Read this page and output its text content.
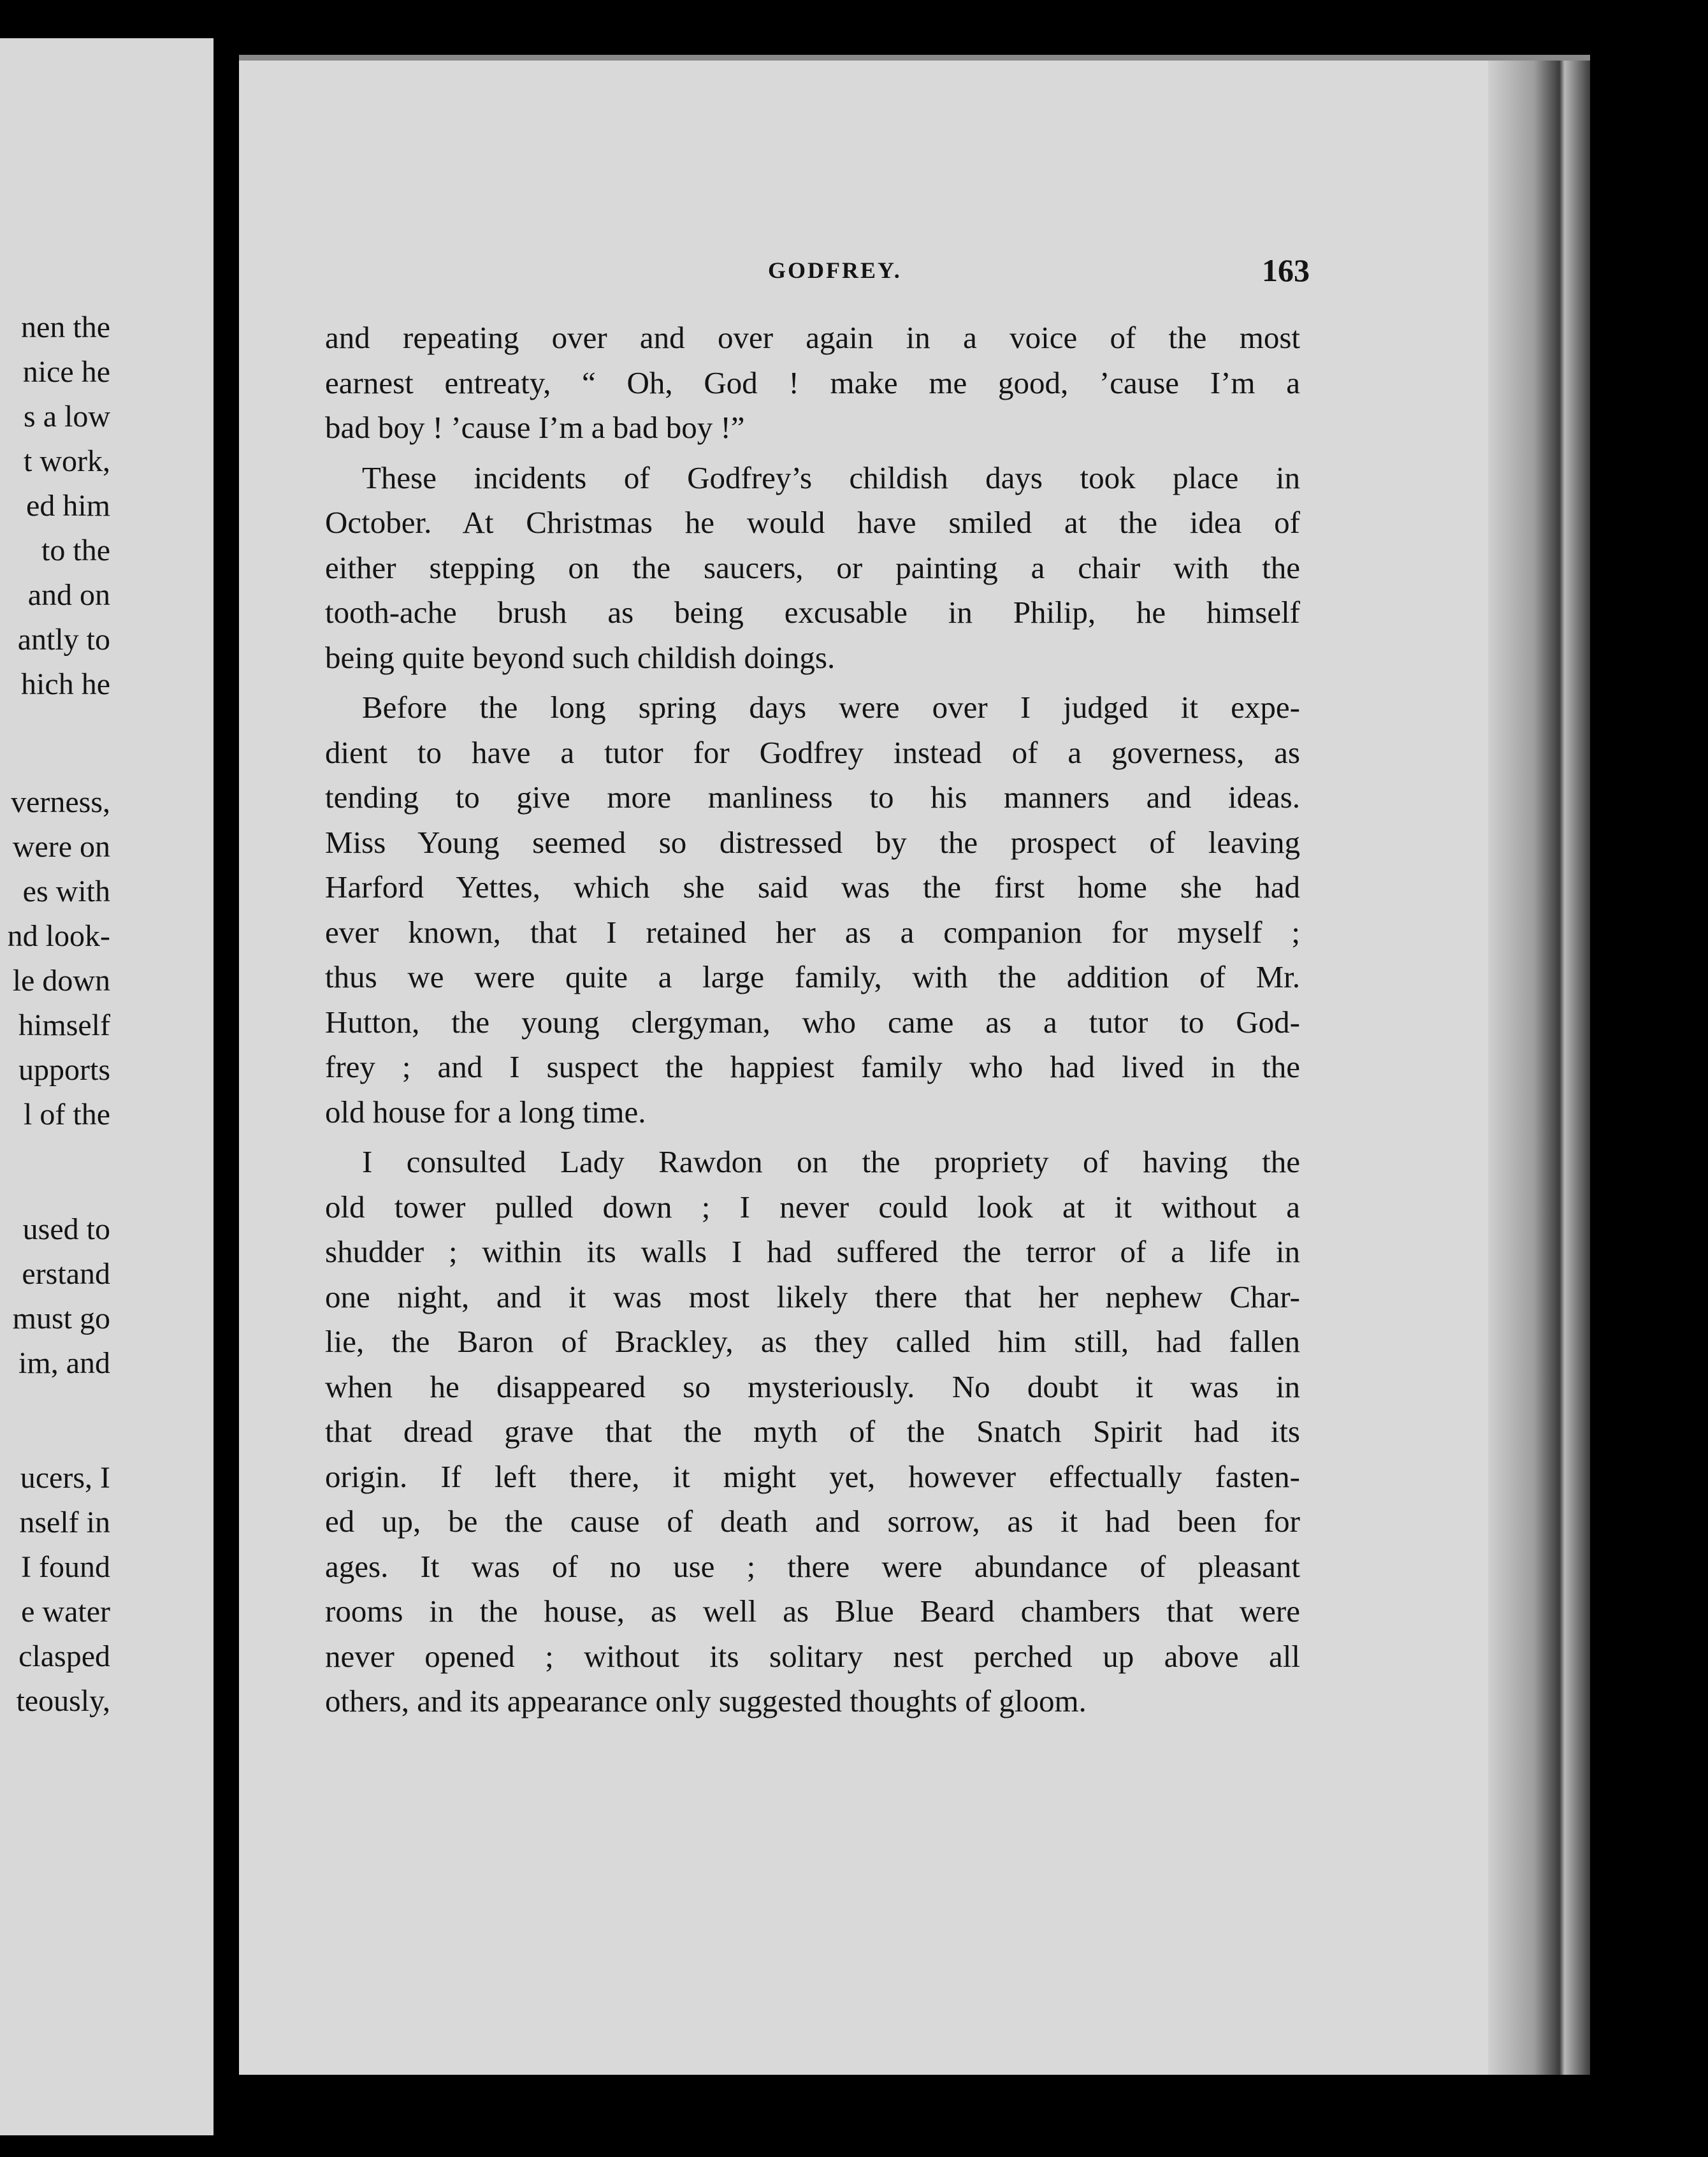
nen the
nice he
s a low
t work,
ed him
to the
and on
antly to
hich he
verness,
were on
es with
nd look-
le down
himself
upports
l of the
used to
erstand
must go
im, and
ucers, I
nself in
I found
e water
clasped
teously,
GODFREY.	163
and repeating over and over again in a voice of the most
earnest entreaty, “ Oh, God ! make me good, ’cause I’m a
bad boy ! ’cause I’m a bad boy !”
These incidents of Godfrey’s childish days took place in
October. At Christmas he would have smiled at the idea of
either stepping on the saucers, or painting a chair with the
tooth-ache brush as being excusable in Philip, he himself
being quite beyond such childish doings.
Before the long spring days were over I judged it expe-
dient to have a tutor for Godfrey instead of a governess, as
tending to give more manliness to his manners and ideas.
Miss Young seemed so distressed by the prospect of leaving
Harford Yettes, which she said was the first home she had
ever known, that I retained her as a companion for myself ;
thus we were quite a large family, with the addition of Mr.
Hutton, the young clergyman, who came as a tutor to God-
frey ; and I suspect the happiest family who had lived in the
old house for a long time.
I consulted Lady Rawdon on the propriety of having the
old tower pulled down ; I never could look at it without a
shudder ; within its walls I had suffered the terror of a life in
one night, and it was most likely there that her nephew Char-
lie, the Baron of Brackley, as they called him still, had fallen
when he disappeared so mysteriously. No doubt it was in
that dread grave that the myth of the Snatch Spirit had its
origin. If left there, it might yet, however effectually fasten-
ed up, be the cause of death and sorrow, as it had been for
ages. It was of no use ; there were abundance of pleasant
rooms in the house, as well as Blue Beard chambers that were
never opened ; without its solitary nest perched up above all
others, and its appearance only suggested thoughts of gloom.
